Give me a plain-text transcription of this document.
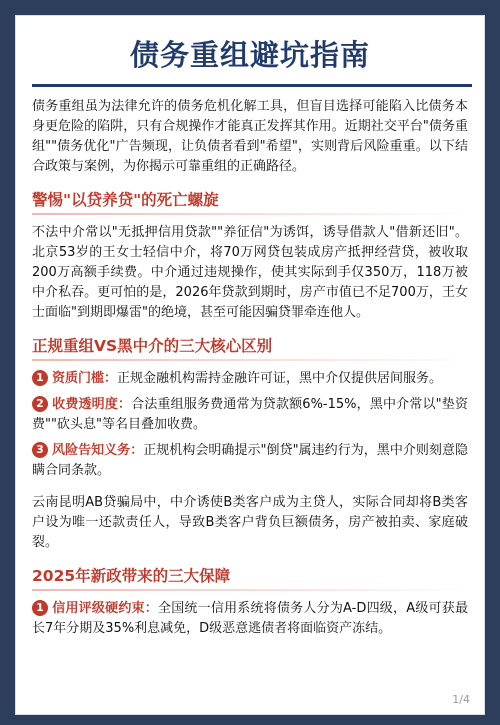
债务重组避坑指南

债务重组虽为法律允许的债务危机化解工具，但盲目选择可能陷入比债务本身更危险的陷阱，只有合规操作才能真正发挥其作用。近期社交平台"债务重组""债务优化"广告频现，让负债者看到"希望"，实则背后风险重重。以下结合政策与案例，为你揭示可靠重组的正确路径。

警惕"以贷养贷"的死亡螺旋

不法中介常以"无抵押信用贷款""养征信"为诱饵，诱导借款人"借新还旧"。北京53岁的王女士轻信中介，将70万网贷包装成房产抵押经营贷，被收取200万高额手续费。中介通过违规操作，使其实际到手仅350万，118万被中介私吞。更可怕的是，2026年贷款到期时，房产市值已不足700万，王女士面临"到期即爆雷"的绝境，甚至可能因骗贷罪牵连他人。

正规重组VS黑中介的三大核心区别

1 资质门槛：正规金融机构需持金融许可证，黑中介仅提供居间服务。

2 收费透明度：合法重组服务费通常为贷款额6%-15%，黑中介常以"垫资费""砍头息"等名目叠加收费。

3 风险告知义务：正规机构会明确提示"倒贷"属违约行为，黑中介则刻意隐瞒合同条款。

云南昆明AB贷骗局中，中介诱使B类客户成为主贷人，实际合同却将B类客户设为唯一还款责任人，导致B类客户背负巨额债务，房产被拍卖、家庭破裂。

2025年新政带来的三大保障

1 信用评级硬约束：全国统一信用系统将债务人分为A-D四级，A级可获最长7年分期及35%利息减免，D级恶意逃债者将面临资产冻结。

1/4
